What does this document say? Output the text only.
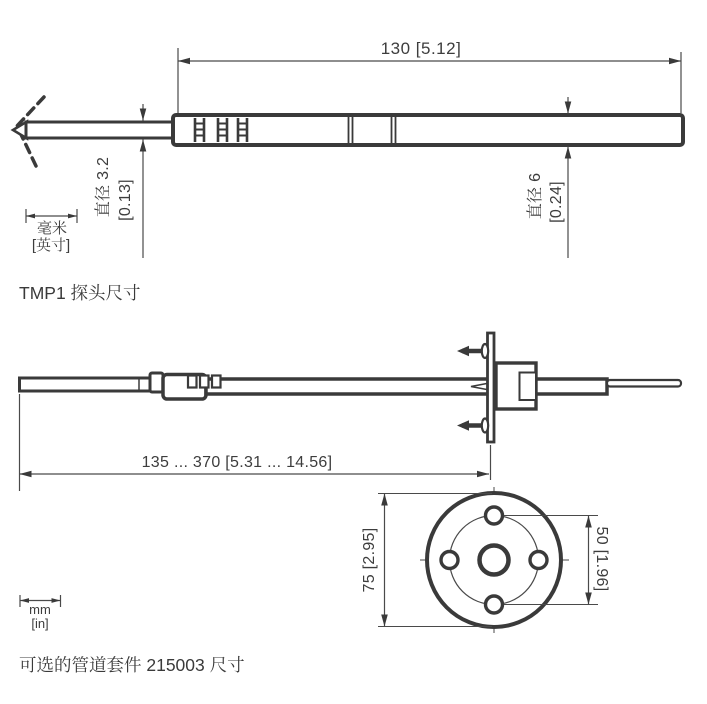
130 [5.12]
直径 3.2 [0.13]	直径 6 [0.24]
毫米
[英寸]
TMP1 探头尺寸
135 ... 370 [5.31 ... 14.56]
75 [2.95]	50 [1.96]
mm
[in]
可选的管道套件 215003 尺寸
